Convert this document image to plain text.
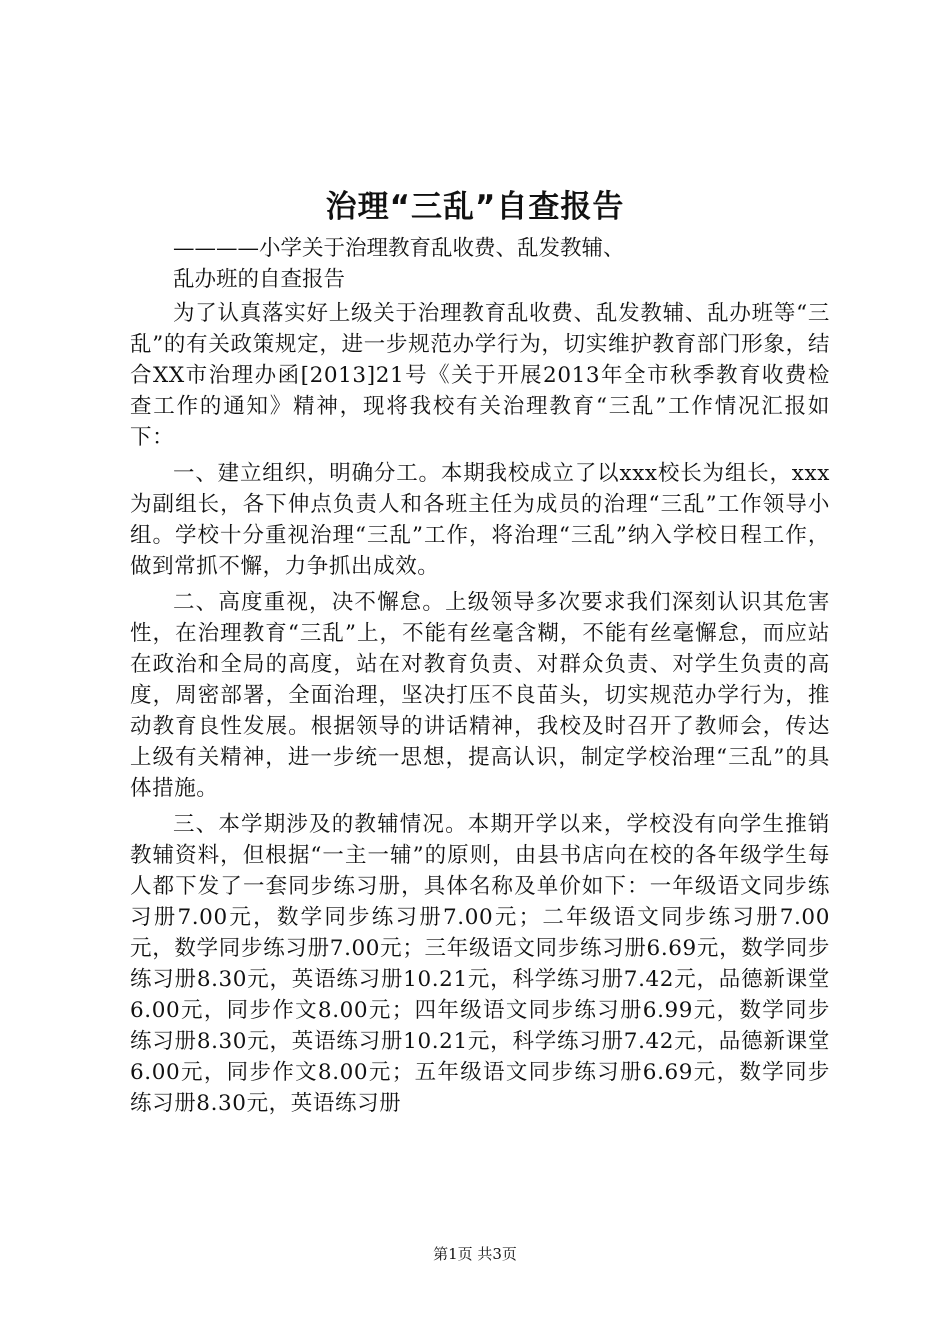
治理“三乱”自查报告
————小学关于治理教育乱收费、乱发教辅、
乱办班的自查报告

为了认真落实好上级关于治理教育乱收费、乱发教辅、乱办班等“三乱”的有关政策规定，进一步规范办学行为，切实维护教育部门形象，结合XX市治理办函[2013]21号《关于开展2013年全市秋季教育收费检查工作的通知》精神，现将我校有关治理教育“三乱”工作情况汇报如下：

一、建立组织，明确分工。本期我校成立了以xxx校长为组长，xxx为副组长，各下伸点负责人和各班主任为成员的治理“三乱”工作领导小组。学校十分重视治理“三乱”工作，将治理“三乱”纳入学校日程工作，做到常抓不懈，力争抓出成效。

二、高度重视，决不懈怠。上级领导多次要求我们深刻认识其危害性，在治理教育“三乱”上，不能有丝毫含糊，不能有丝毫懈怠，而应站在政治和全局的高度，站在对教育负责、对群众负责、对学生负责的高度，周密部署，全面治理，坚决打压不良苗头，切实规范办学行为，推动教育良性发展。根据领导的讲话精神，我校及时召开了教师会，传达上级有关精神，进一步统一思想，提高认识，制定学校治理“三乱”的具体措施。

三、本学期涉及的教辅情况。本期开学以来，学校没有向学生推销教辅资料，但根据“一主一辅”的原则，由县书店向在校的各年级学生每人都下发了一套同步练习册，具体名称及单价如下：一年级语文同步练习册7.00元，数学同步练习册7.00元；二年级语文同步练习册7.00元，数学同步练习册7.00元；三年级语文同步练习册6.69元，数学同步练习册8.30元，英语练习册10.21元，科学练习册7.42元，品德新课堂6.00元，同步作文8.00元；四年级语文同步练习册6.99元，数学同步练习册8.30元，英语练习册10.21元，科学练习册7.42元，品德新课堂6.00元，同步作文8.00元；五年级语文同步练习册6.69元，数学同步练习册8.30元，英语练习册

第1页 共3页
